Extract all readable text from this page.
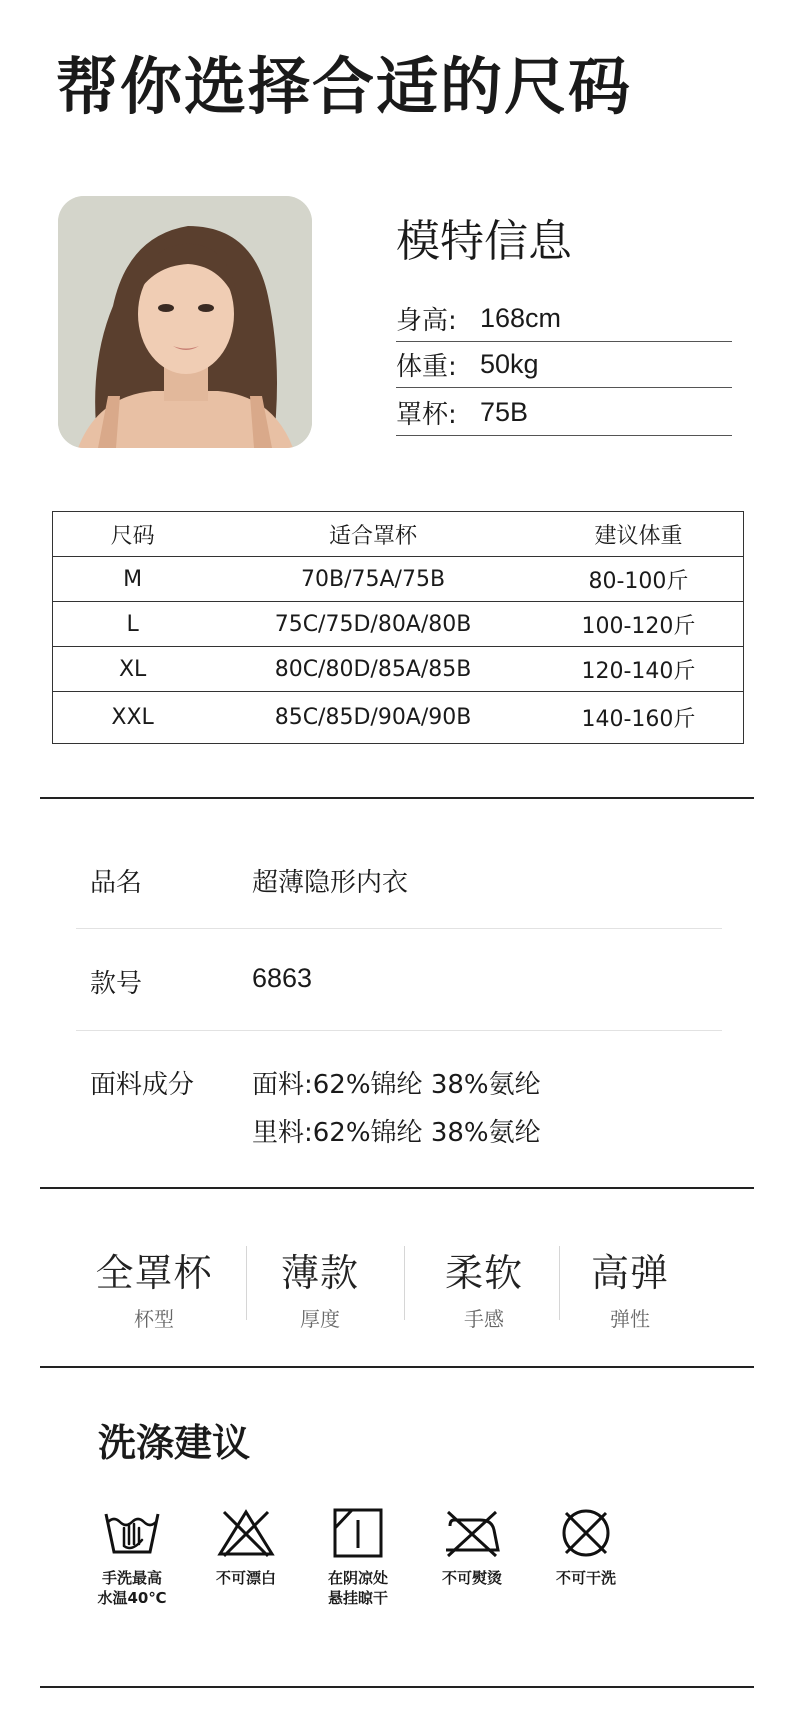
帮你选择合适的尺码
模特信息
身高: 168cm
体重: 50kg
罩杯: 75B
尺码	适合罩杯	建议体重
M	70B/75A/75B	80-100斤
L	75C/75D/80A/80B	100-120斤
XL	80C/80D/85A/85B	120-140斤
XXL	85C/85D/90A/90B	140-160斤
品名	超薄隐形内衣
款号	6863
面料成分 面料:62%锦纶 38%氨纶
里料:62%锦纶 38%氨纶
全罩杯
杯型
薄款
厚度
柔软
手感
高弹
弹性
洗涤建议
手洗最高
水温40℃
不可漂白	在阴凉处
悬挂晾干
不可熨烫	不可干洗
